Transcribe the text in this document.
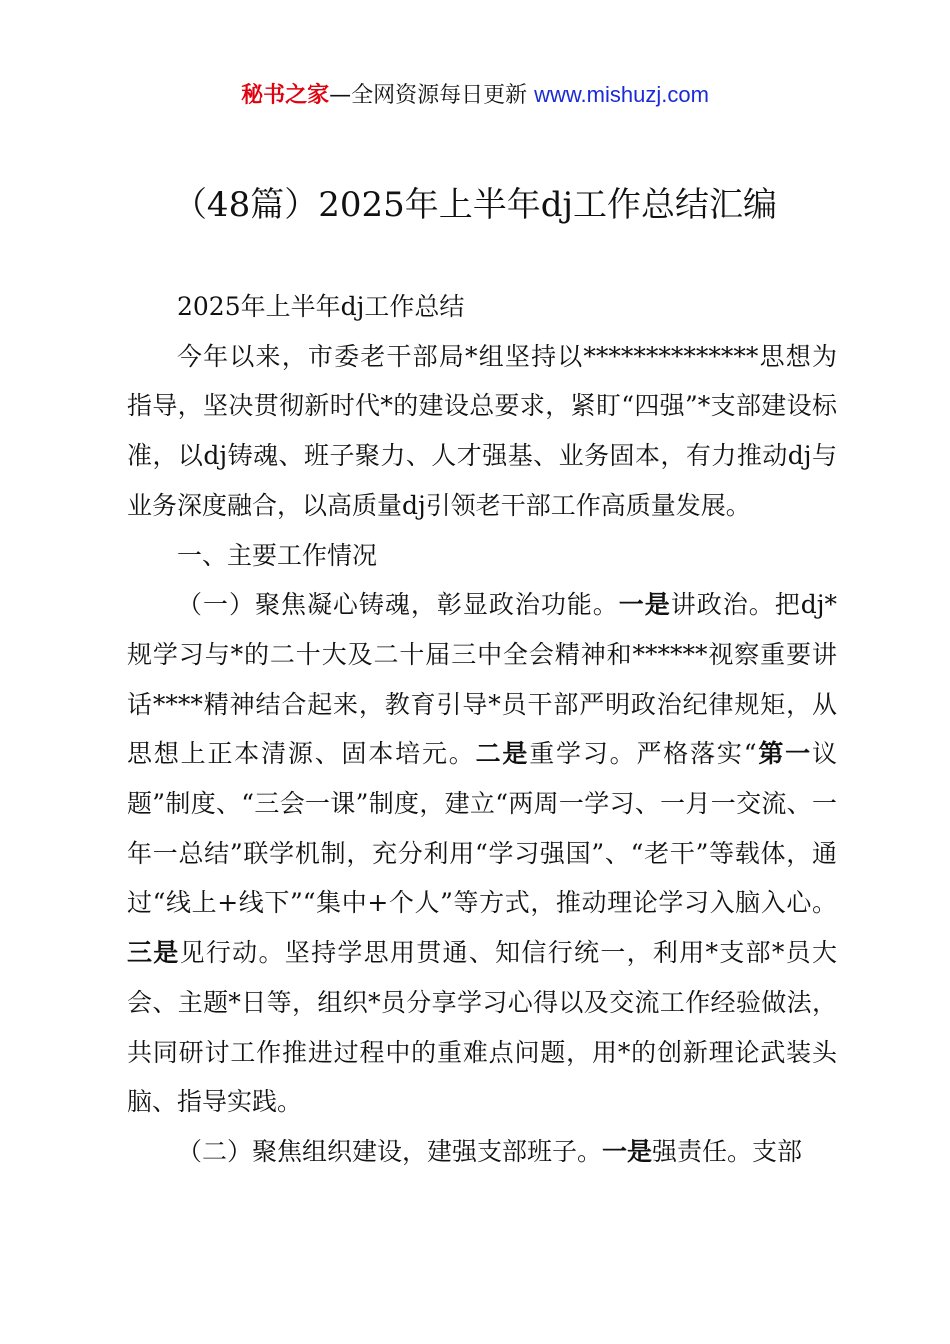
秘书之家—全网资源每日更新 www.mishuzj.com
（48篇）2025年上半年dj工作总结汇编

2025年上半年dj工作总结

今年以来，市委老干部局*组坚持以**************思想为指导，坚决贯彻新时代*的建设总要求，紧盯“四强”*支部建设标准，以dj铸魂、班子聚力、人才强基、业务固本，有力推动dj与业务深度融合，以高质量dj引领老干部工作高质量发展。

一、主要工作情况

（一）聚焦凝心铸魂，彰显政治功能。一是讲政治。把dj*规学习与*的二十大及二十届三中全会精神和******视察重要讲话****精神结合起来，教育引导*员干部严明政治纪律规矩，从思想上正本清源、固本培元。二是重学习。严格落实“第一议题”制度、“三会一课”制度，建立“两周一学习、一月一交流、一年一总结”联学机制，充分利用“学习强国”、“老干”等载体，通过“线上+线下”“集中+个人”等方式，推动理论学习入脑入心。三是见行动。坚持学思用贯通、知信行统一，利用*支部*员大会、主题*日等，组织*员分享学习心得以及交流工作经验做法，共同研讨工作推进过程中的重难点问题，用*的创新理论武装头脑、指导实践。

（二）聚焦组织建设，建强支部班子。一是强责任。支部
